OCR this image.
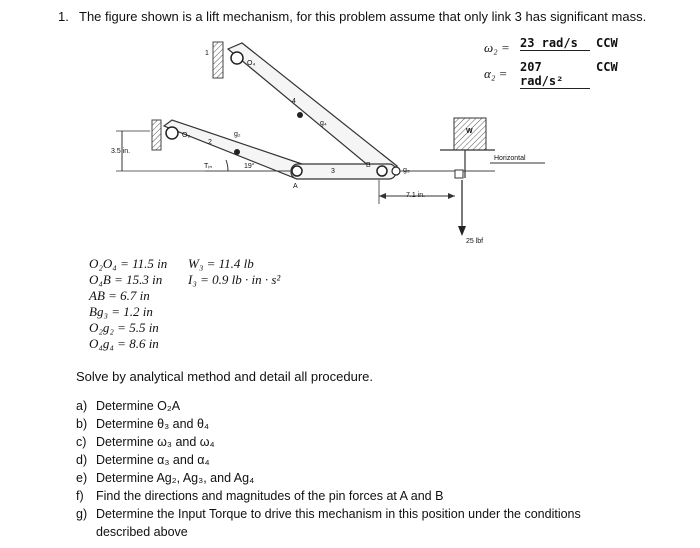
1. The figure shown is a lift mechanism, for this problem assume that only link 3 has significant mass.
ω₂ = 23 rad/s	CCW
α₂ = 207 rad/s²
CCW
1
O₄
4
g₄
O₂
2
g₂
Tᵢₙ	19°
A
3
B
g₃
W
Horizontal
3.5 in.
7.1 in.
25 lbf
O₂O₄ = 11.5 in
O₄B = 15.3 in
AB = 6.7 in
Bg₃ = 1.2 in
O₂g₂ = 5.5 in
O₄g₄ = 8.6 in
W₃ = 11.4 lb
I₃ = 0.9 lb · in · s²
Solve by analytical method and detail all procedure.
a) Determine O₂A
b) Determine θ₃ and θ₄
c) Determine ω₃ and ω₄
d) Determine α₃ and α₄
e) Determine Ag₂, Ag₃, and Ag₄
f) Find the directions and magnitudes of the pin forces at A and B
g) Determine the Input Torque to drive this mechanism in this position under the conditions described above
